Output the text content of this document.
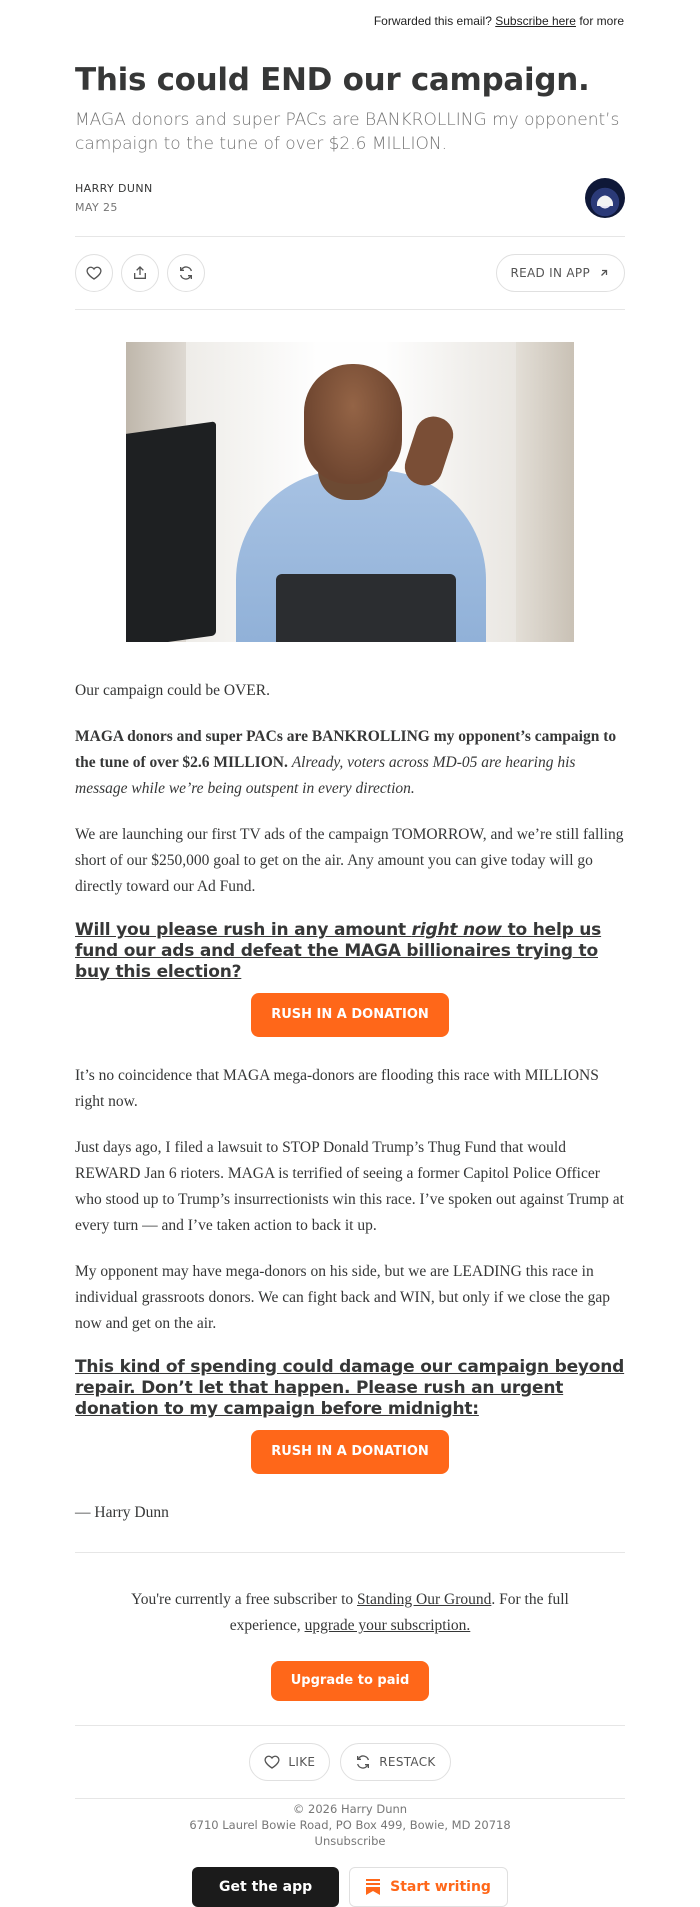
Forwarded this email? Subscribe here for more
This could END our campaign.
MAGA donors and super PACs are BANKROLLING my opponent’s campaign to the tune of over $2.6 MILLION.
HARRY DUNN
MAY 25
READ IN APP

Our campaign could be OVER.

MAGA donors and super PACs are BANKROLLING my opponent’s campaign to the tune of over $2.6 MILLION. Already, voters across MD-05 are hearing his message while we’re being outspent in every direction.

We are launching our first TV ads of the campaign TOMORROW, and we’re still falling short of our $250,000 goal to get on the air. Any amount you can give today will go directly toward our Ad Fund.

Will you please rush in any amount right now to help us fund our ads and defeat the MAGA billionaires trying to buy this election?
RUSH IN A DONATION

It’s no coincidence that MAGA mega-donors are flooding this race with MILLIONS right now.

Just days ago, I filed a lawsuit to STOP Donald Trump’s Thug Fund that would REWARD Jan 6 rioters. MAGA is terrified of seeing a former Capitol Police Officer who stood up to Trump’s insurrectionists win this race. I’ve spoken out against Trump at every turn — and I’ve taken action to back it up.

My opponent may have mega-donors on his side, but we are LEADING this race in individual grassroots donors. We can fight back and WIN, but only if we close the gap now and get on the air.

This kind of spending could damage our campaign beyond repair. Don’t let that happen. Please rush an urgent donation to my campaign before midnight:
RUSH IN A DONATION

— Harry Dunn

You're currently a free subscriber to Standing Our Ground. For the full experience, upgrade your subscription.
Upgrade to paid
LIKE	RESTACK
© 2026 Harry Dunn
6710 Laurel Bowie Road, PO Box 499, Bowie, MD 20718
Unsubscribe
Get the app	Start writing
